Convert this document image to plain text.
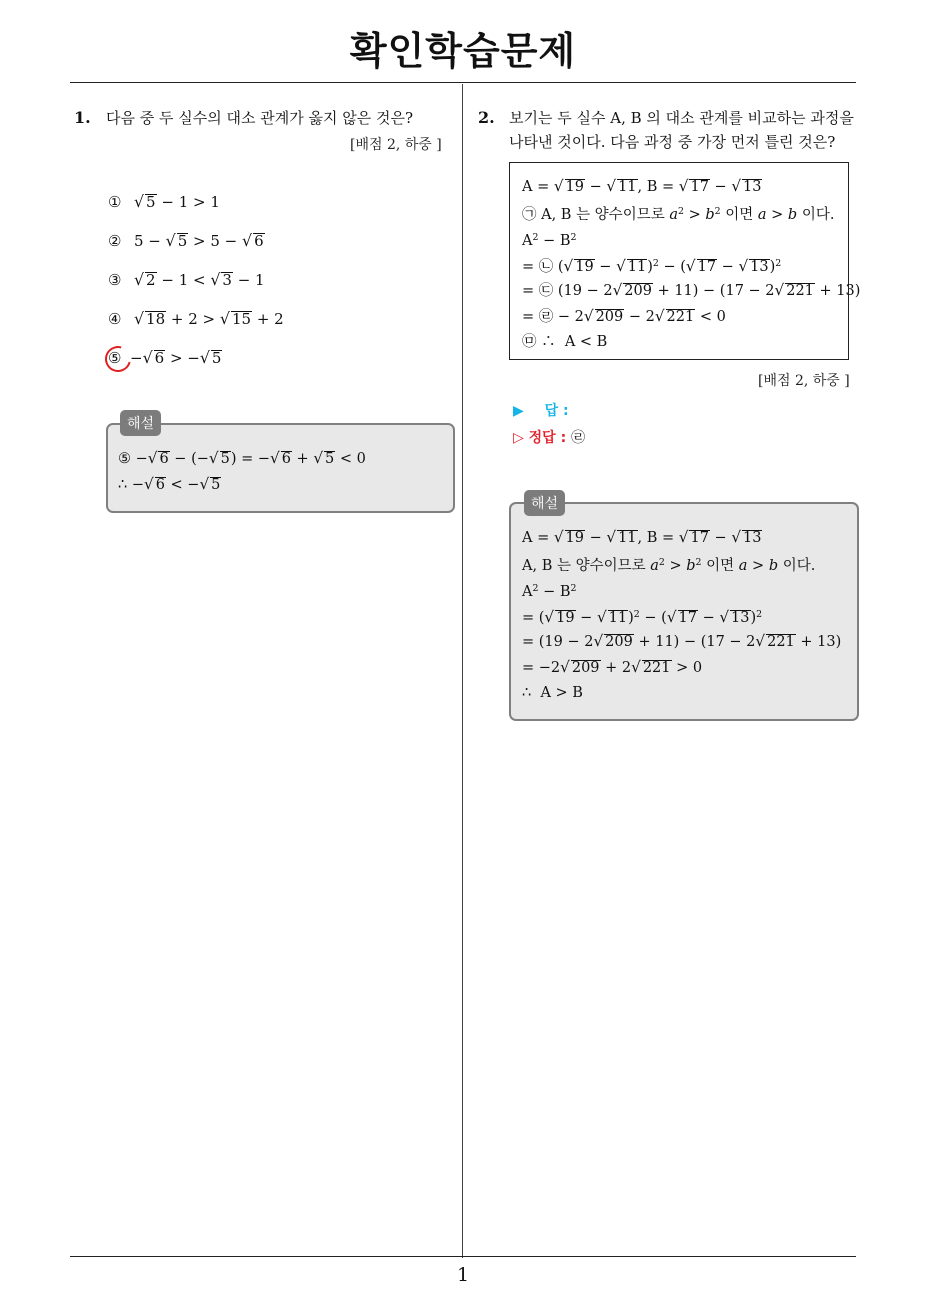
확인학습문제
1
1. 다음 중 두 실수의 대소 관계가 옳지 않은 것은?
[배점 2, 하중 ]
① √ 5 − 1 > 1
② 5 − √ 5 > 5 − √ 6
③ √ 2 − 1 < √ 3 − 1
④ √ 18 + 2 > √ 15 + 2
⑤ −√ 6 > −√ 5
⑤ −√ 6 − (−√ 5) = −√ 6 + √ 5 < 0
∴ −√ 6 < −√ 5
해설
2. 보기는 두 실수 A, B 의 대소 관계를 비교하는 과정을
나타낸 것이다. 다음 과정 중 가장 먼저 틀린 것은?
A = √ 19 − √ 11, B = √ 17 − √ 13
㉠ A, B 는 양수이므로 $a^2 > b^2$ 이면 a > b 이다.
$A^2 - B^2$
= ㉡ (√ 19 − √ 11)$^2$ − (√ 17 − √ 13)$^2$
= ㉢ (19 − 2√ 209 + 11) − (17 − 2√ 221 + 13)
= ㉣ − 2√ 209 − 2√ 221 < 0
㉤ ∴  A < B
[배점 2, 하중 ]
▶ 답 :
▷ 정답 : ㉣
A = √ 19 − √ 11, B = √ 17 − √ 13
A, B 는 양수이므로 $a^2 > b^2$ 이면 a > b 이다.
$A^2 - B^2$
= (√ 19 − √ 11)$^2$ − (√ 17 − √ 13)$^2$
= (19 − 2√ 209 + 11) − (17 − 2√ 221 + 13)
= −2√ 209 + 2√ 221 > 0
∴  A > B
해설
